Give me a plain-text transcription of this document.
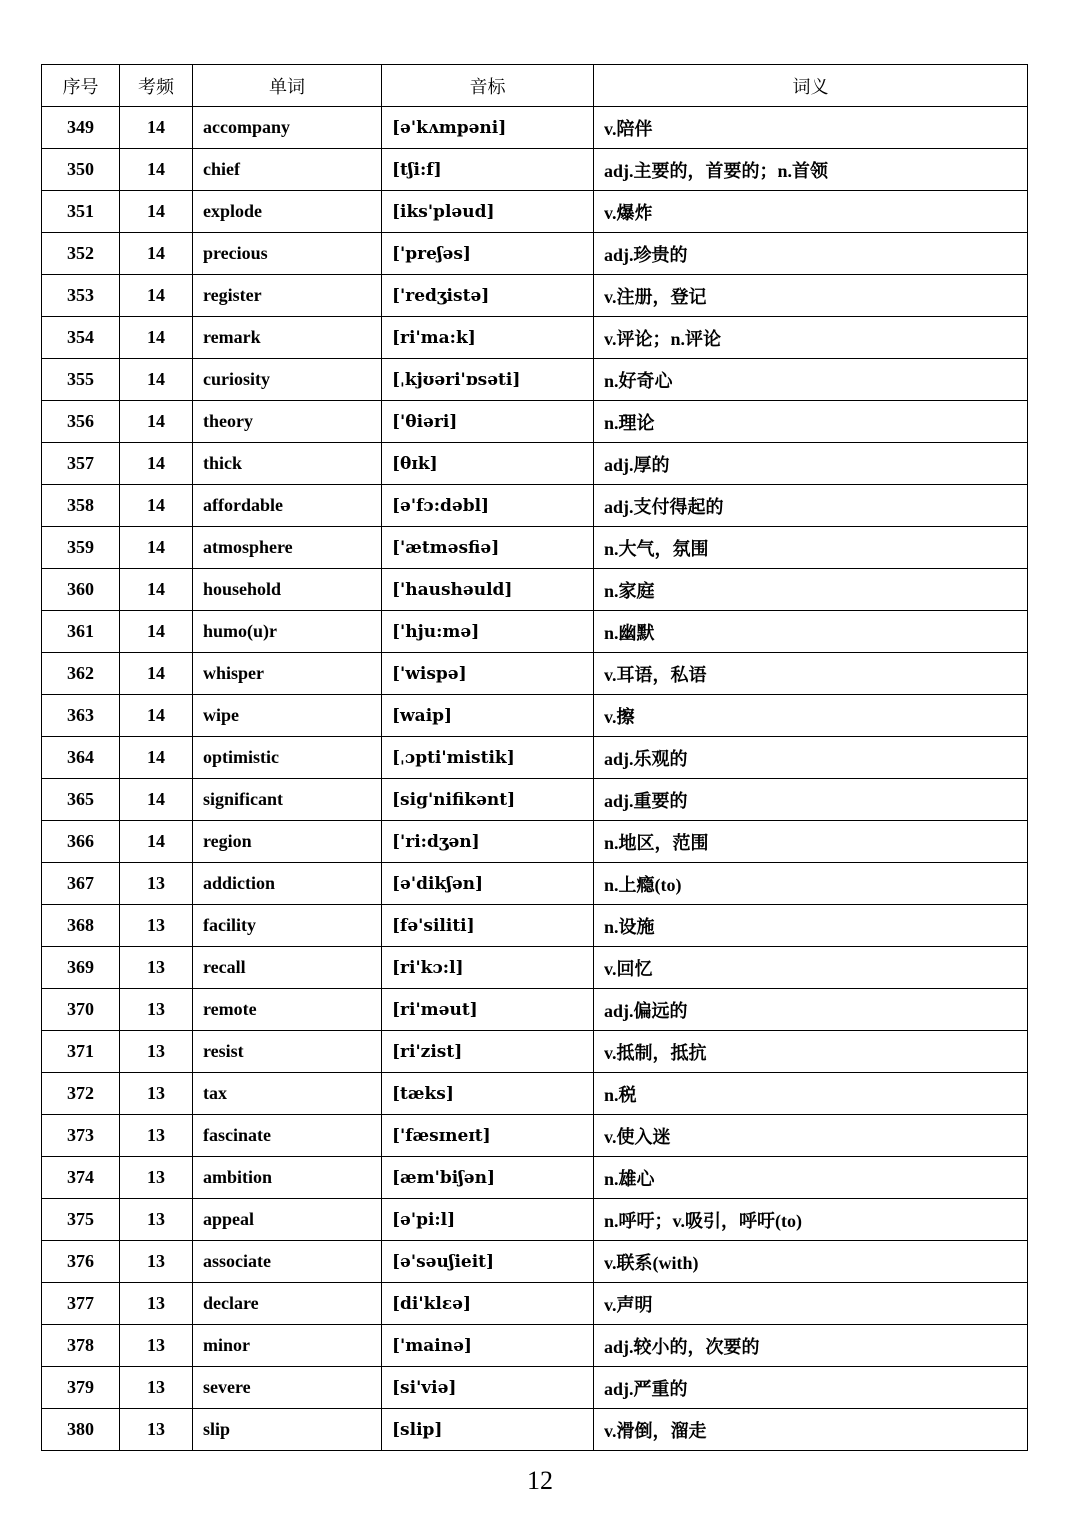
序号	考频	单词	音标	词义
349	14	accompany	[ə'kʌmpəni]	v.陪伴
350	14	chief	[tʃi:f]	adj.主要的，首要的；n.首领
351	14	explode	[iks'pləud]	v.爆炸
352	14	precious	['preʃəs]	adj.珍贵的
353	14	register	['redʒistə]	v.注册，登记
354	14	remark	[ri'ma:k]	v.评论；n.评论
355	14	curiosity	[ˌkjʊəri'ɒsəti]	n.好奇心
356	14	theory	['θiəri]	n.理论
357	14	thick	[θɪk]	adj.厚的
358	14	affordable	[ə'fɔ:dəbl]	adj.支付得起的
359	14	atmosphere	['ætməsfiə]	n.大气，氛围
360	14	household	['haushəuld]	n.家庭
361	14	humo(u)r	['hju:mə]	n.幽默
362	14	whisper	['wispə]	v.耳语，私语
363	14	wipe	[waip]	v.擦
364	14	optimistic	[ˌɔpti'mistik]	adj.乐观的
365	14	significant	[sig'nifikənt]	adj.重要的
366	14	region	['ri:dʒən]	n.地区，范围
367	13	addiction	[ə'dikʃən]	n.上瘾(to)
368	13	facility	[fə'siliti]	n.设施
369	13	recall	[ri'kɔ:l]	v.回忆
370	13	remote	[ri'məut]	adj.偏远的
371	13	resist	[ri'zist]	v.抵制，抵抗
372	13	tax	[tæks]	n.税
373	13	fascinate	['fæsɪneɪt]	v.使入迷
374	13	ambition	[æm'biʃən]	n.雄心
375	13	appeal	[ə'pi:l]	n.呼吁；v.吸引，呼吁(to)
376	13	associate	[ə'səuʃieit]	v.联系(with)
377	13	declare	[di'klɛə]	v.声明
378	13	minor	['mainə]	adj.较小的，次要的
379	13	severe	[si'viə]	adj.严重的
380	13	slip	[slip]	v.滑倒，溜走
12
